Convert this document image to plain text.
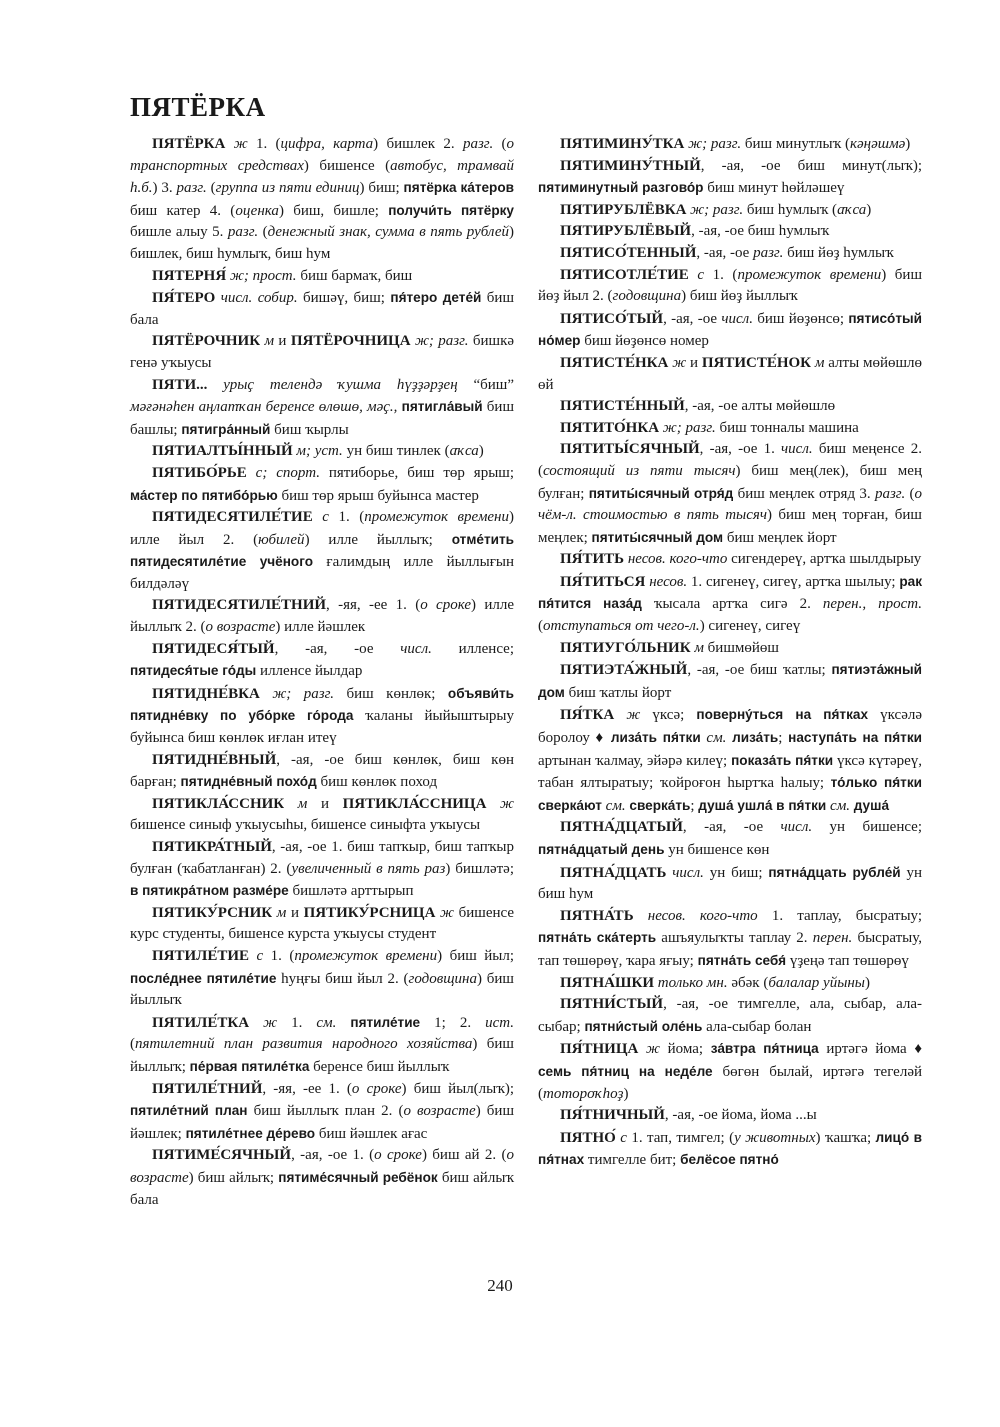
ПЯТЁРКА

ПЯТЁРКА ж 1. (цифра, карта) бишлек 2. разг. (о транспортных средствах) бишенсе (автобус, трамвай һ.б.) 3. разг. (группа из пяти единиц) биш; пятёрка ка́теров биш катер 4. (оценка) биш, бишле; получи́ть пятёрку бишле алыу 5. разг. (денежный знак, сумма в пять рублей) бишлек, биш һумлыҡ, биш һум

ПЯТЕРНЯ́ ж; прост. биш бармаҡ, биш

ПЯ́ТЕРО числ. собир. бишәү, биш; пя́теро дете́й биш бала

ПЯТЁРОЧНИК м и ПЯТЁРОЧНИЦА ж; разг. бишкә генә уҡыусы

ПЯТИ... урыҫ телендә ҡушма һүҙҙәрҙең “биш” мәғәнәһен аңлатҡан беренсе өлөшө, мәҫ., пятигла́вый биш башлы; пятигра́нный биш ҡырлы

ПЯТИАЛТЫ́ННЫЙ м; уст. ун биш тинлек (аҡса)

ПЯТИБО́РЬЕ с; спорт. пятиборье, биш төр ярыш; ма́стер по пятибо́рью биш төр ярыш буйынса мастер

ПЯТИДЕСЯТИЛЕ́ТИЕ с 1. (промежуток времени) илле йыл 2. (юбилей) илле йыллыҡ; отме́тить пятидесятиле́тие учёного ғалимдың илле йыллығын билдәләү

ПЯТИДЕСЯТИЛЕ́ТНИЙ, -яя, -ее 1. (о сроке) илле йыллыҡ 2. (о возрасте) илле йәшлек

ПЯТИДЕСЯ́ТЫЙ, -ая, -ое числ. илленсе; пятидеся́тые го́ды илленсе йылдар

ПЯТИДНЕ́ВКА ж; разг. биш көнлөк; объяви́ть пятидне́вку по убо́рке го́рода ҡаланы йыйыштырыу буйынса биш көнлөк иғлан итеү

ПЯТИДНЕ́ВНЫЙ, -ая, -ое биш көнлөк, биш көн барған; пятидне́вный похо́д биш көнлөк поход

ПЯТИКЛА́ССНИК м и ПЯТИКЛА́ССНИЦА ж бишенсе синыф уҡыусыһы, бишенсе синыфта уҡыусы

ПЯТИКРА́ТНЫЙ, -ая, -ое 1. биш тапҡыр, биш тапҡыр булған (ҡабатланған) 2. (увеличенный в пять раз) бишләтә; в пятикра́тном разме́ре бишләтә арттырып

ПЯТИКУ́РСНИК м и ПЯТИКУ́РСНИЦА ж бишенсе курс студенты, бишенсе курста уҡыусы студент

ПЯТИЛЕ́ТИЕ с 1. (промежуток времени) биш йыл; после́днее пятиле́тие һуңғы биш йыл 2. (годовщина) биш йыллыҡ

ПЯТИЛЕ́ТКА ж 1. см. пятиле́тие 1; 2. ист. (пятилетний план развития народного хозяйства) биш йыллыҡ; пе́рвая пятиле́тка беренсе биш йыллыҡ

ПЯТИЛЕ́ТНИЙ, -яя, -ее 1. (о сроке) биш йыл(лыҡ); пятиле́тний план биш йыллыҡ план 2. (о возрасте) биш йәшлек; пятиле́тнее де́рево биш йәшлек ағас

ПЯТИМЕ́СЯЧНЫЙ, -ая, -ое 1. (о сроке) биш ай 2. (о возрасте) биш айлыҡ; пятиме́сячный ребёнок биш айлыҡ бала

ПЯТИМИНУ́ТКА ж; разг. биш минутлыҡ (кәңәшмә)

ПЯТИМИНУ́ТНЫЙ, -ая, -ое биш минут(лыҡ); пятиминутный разгово́р биш минут һөйләшеү

ПЯТИРУБЛЁВКА ж; разг. биш һумлыҡ (аҡса)

ПЯТИРУБЛЁВЫЙ, -ая, -ое биш һумлыҡ

ПЯТИСО́ТЕННЫЙ, -ая, -ое разг. биш йөҙ һумлыҡ

ПЯТИСОТЛЕ́ТИЕ с 1. (промежуток времени) биш йөҙ йыл 2. (годовщина) биш йөҙ йыллыҡ

ПЯТИСО́ТЫЙ, -ая, -ое числ. биш йөҙөнсө; пятисо́тый но́мер биш йөҙөнсө номер

ПЯТИСТЕ́НКА ж и ПЯТИСТЕ́НОК м алты мөйөшлө өй

ПЯТИСТЕ́ННЫЙ, -ая, -ое алты мөйөшлө

ПЯТИТО́НКА ж; разг. биш тонналы машина

ПЯТИТЫ́СЯЧНЫЙ, -ая, -ое 1. числ. биш меңенсе 2. (состоящий из пяти тысяч) биш мең(лек), биш мең булған; пятиты́сячный отря́д биш меңлек отряд 3. разг. (о чём-л. стоимостью в пять тысяч) биш мең торған, биш меңлек; пятиты́сячный дом биш меңлек йорт

ПЯ́ТИТЬ несов. кого-что сигендереү, артҡа шылдырыу

ПЯ́ТИТЬСЯ несов. 1. сигенеү, сигеү, артҡа шылыу; рак пя́тится наза́д ҡысала артҡа сигә 2. перен., прост. (отступаться от чего-л.) сигенеү, сигеү

ПЯТИУГО́ЛЬНИК м бишмөйөш

ПЯТИЭТА́ЖНЫЙ, -ая, -ое биш ҡатлы; пятиэта́жный дом биш ҡатлы йорт

ПЯ́ТКА ж үксә; поверну́ться на пя́тках үксәлә боролоу ♦ лиза́ть пя́тки см. лиза́ть; наступа́ть на пя́тки артынан ҡалмау, эйәрә килеү; показа́ть пя́тки үксә күтәреү, табан ялтыратыу; ҡойроғон һыртҡа һалыу; то́лько пя́тки сверка́ют см. сверка́ть; душа́ ушла́ в пя́тки см. душа́

ПЯТНА́ДЦАТЫЙ, -ая, -ое числ. ун бишенсе; пятна́дцатый день ун бишенсе көн

ПЯТНА́ДЦАТЬ числ. ун биш; пятна́дцать рубле́й ун биш һум

ПЯТНА́ТЬ несов. кого-что 1. таплау, бысратыу; пятна́ть ска́терть ашъяулыҡты таплау 2. перен. бысратыу, тап төшөрөү, ҡара яғыу; пятна́ть себя́ үҙеңә тап төшөрөү

ПЯТНА́ШКИ только мн. әбәк (балалар уйыны)

ПЯТНИ́СТЫЙ, -ая, -ое тимгелле, ала, сыбар, ала-сыбар; пятни́стый оле́нь ала-сыбар болан

ПЯ́ТНИЦА ж йома; за́втра пя́тница иртәгә йома ♦ семь пя́тниц на неде́ле бөгөн былай, иртәгә тегеләй (тотороҡһоҙ)

ПЯ́ТНИЧНЫЙ, -ая, -ое йома, йома ...ы

ПЯТНО́ с 1. тап, тимгел; (у животных) ҡашҡа; лицо́ в пя́тнах тимгелле бит; белёсое пятно́

240
